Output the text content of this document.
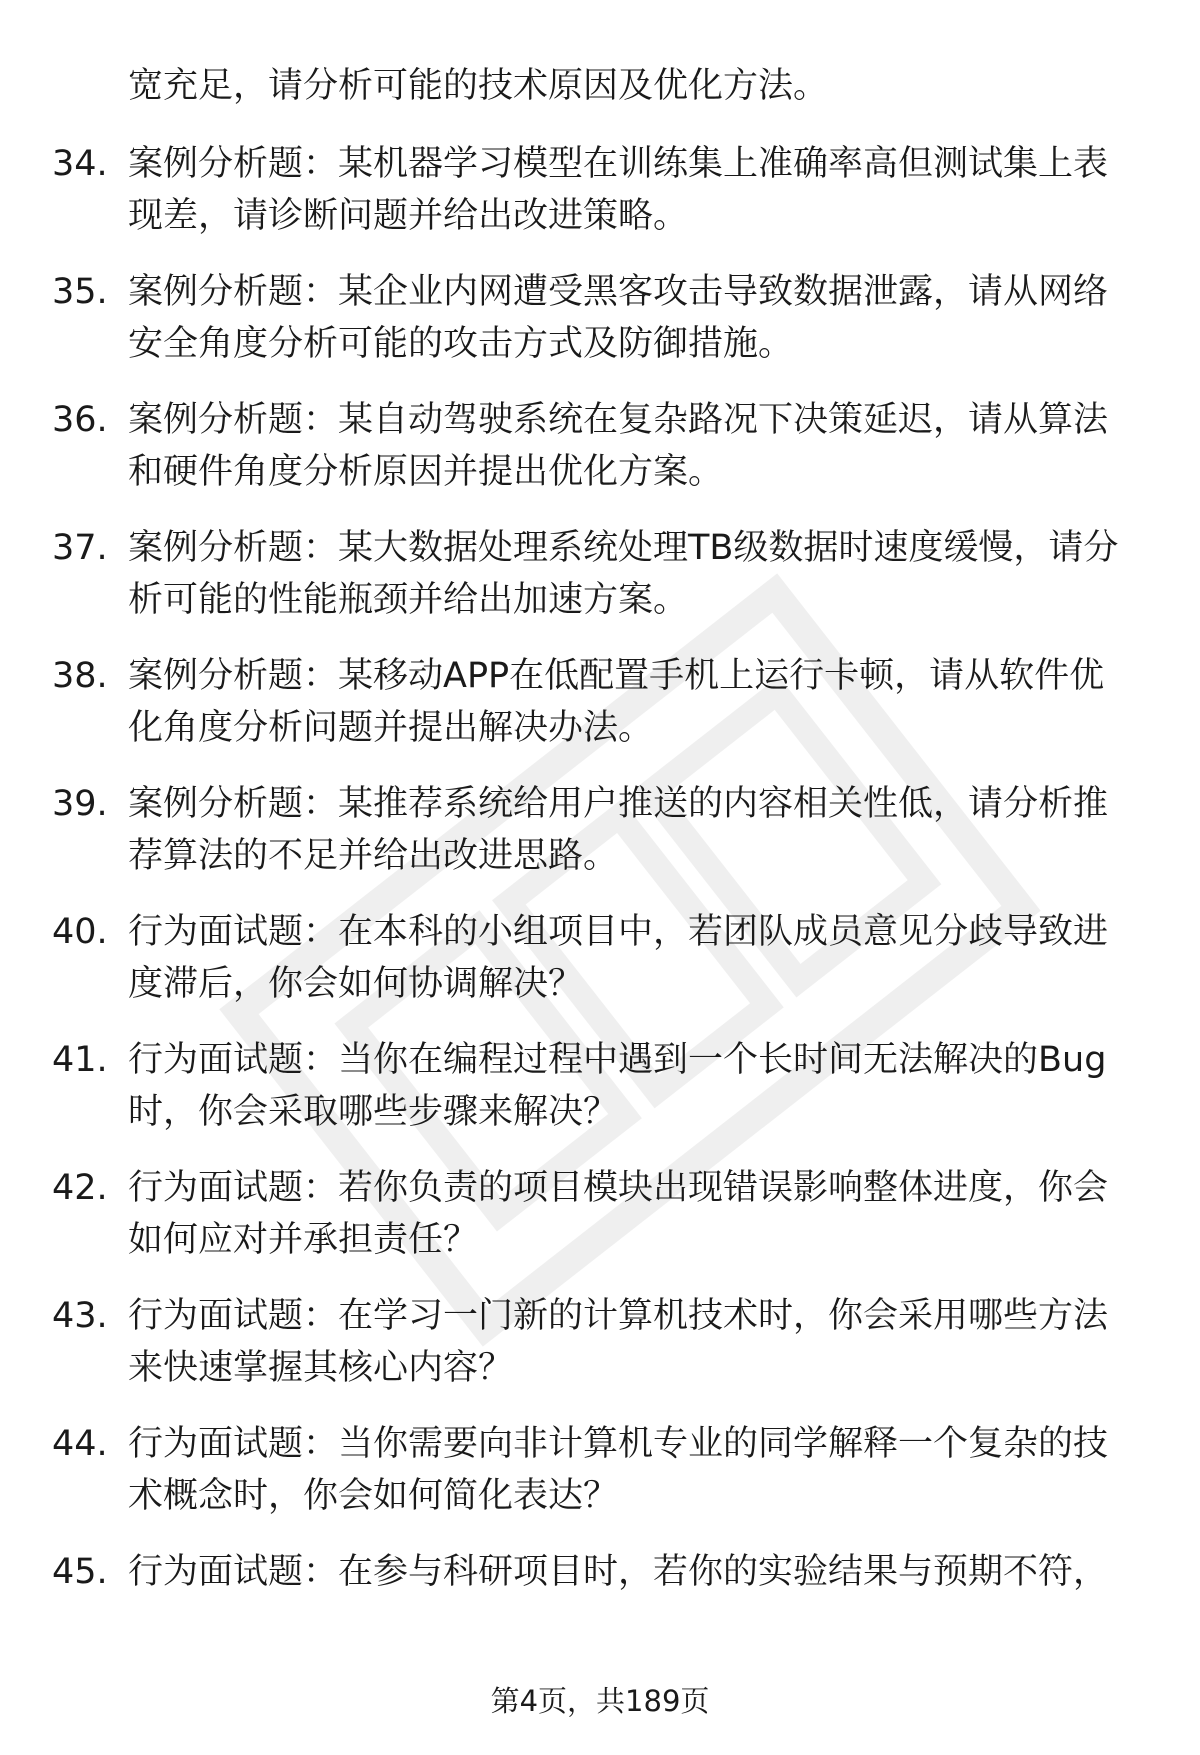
宽充足，请分析可能的技术原因及优化方法。
34. 案例分析题：某机器学习模型在训练集上准确率高但测试集上表
现差，请诊断问题并给出改进策略。
35. 案例分析题：某企业内网遭受黑客攻击导致数据泄露，请从网络
安全角度分析可能的攻击方式及防御措施。
36. 案例分析题：某自动驾驶系统在复杂路况下决策延迟，请从算法
和硬件角度分析原因并提出优化方案。
37. 案例分析题：某大数据处理系统处理TB级数据时速度缓慢，请分
析可能的性能瓶颈并给出加速方案。
38. 案例分析题：某移动APP在低配置手机上运行卡顿，请从软件优
化角度分析问题并提出解决办法。
39. 案例分析题：某推荐系统给用户推送的内容相关性低，请分析推
荐算法的不足并给出改进思路。
40. 行为面试题：在本科的小组项目中，若团队成员意见分歧导致进
度滞后，你会如何协调解决？
41. 行为面试题：当你在编程过程中遇到一个长时间无法解决的Bug
时，你会采取哪些步骤来解决？
42. 行为面试题：若你负责的项目模块出现错误影响整体进度，你会
如何应对并承担责任？
43. 行为面试题：在学习一门新的计算机技术时，你会采用哪些方法
来快速掌握其核心内容？
44. 行为面试题：当你需要向非计算机专业的同学解释一个复杂的技
术概念时，你会如何简化表达？
45. 行为面试题：在参与科研项目时，若你的实验结果与预期不符，
第4页，共189页
